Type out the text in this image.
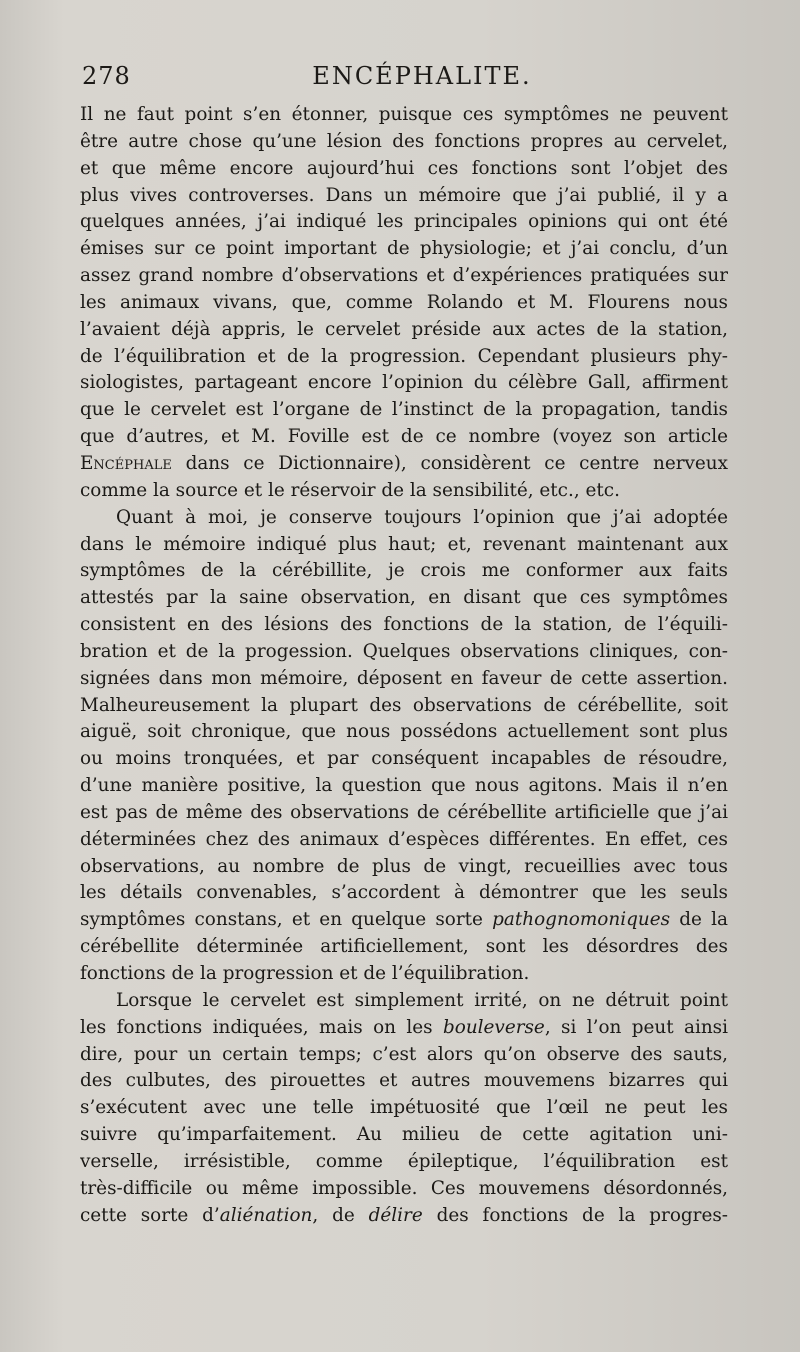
278	ENCÉPHALITE.
Il ne faut point s’en étonner, puisque ces symptômes ne peuvent
être autre chose qu’une lésion des fonctions propres au cervelet,
et que même encore aujourd’hui ces fonctions sont l’objet des
plus vives controverses. Dans un mémoire que j’ai publié, il y a
quelques années, j’ai indiqué les principales opinions qui ont été
émises sur ce point important de physiologie; et j’ai conclu, d’un
assez grand nombre d’observations et d’expériences pratiquées sur
les animaux vivans, que, comme Rolando et M. Flourens nous
l’avaient déjà appris, le cervelet préside aux actes de la station,
de l’équilibration et de la progression. Cependant plusieurs phy-
siologistes, partageant encore l’opinion du célèbre Gall, affirment
que le cervelet est l’organe de l’instinct de la propagation, tandis
que d’autres, et M. Foville est de ce nombre (voyez son article
Encéphale dans ce Dictionnaire), considèrent ce centre nerveux
comme la source et le réservoir de la sensibilité, etc., etc.
Quant à moi, je conserve toujours l’opinion que j’ai adoptée
dans le mémoire indiqué plus haut; et, revenant maintenant aux
symptômes de la cérébillite, je crois me conformer aux faits
attestés par la saine observation, en disant que ces symptômes
consistent en des lésions des fonctions de la station, de l’équili-
bration et de la progession. Quelques observations cliniques, con-
signées dans mon mémoire, déposent en faveur de cette assertion.
Malheureusement la plupart des observations de cérébellite, soit
aiguë, soit chronique, que nous possédons actuellement sont plus
ou moins tronquées, et par conséquent incapables de résoudre,
d’une manière positive, la question que nous agitons. Mais il n’en
est pas de même des observations de cérébellite artificielle que j’ai
déterminées chez des animaux d’espèces différentes. En effet, ces
observations, au nombre de plus de vingt, recueillies avec tous
les détails convenables, s’accordent à démontrer que les seuls
symptômes constans, et en quelque sorte pathognomoniques de la
cérébellite déterminée artificiellement, sont les désordres des
fonctions de la progression et de l’équilibration.
Lorsque le cervelet est simplement irrité, on ne détruit point
les fonctions indiquées, mais on les bouleverse, si l’on peut ainsi
dire, pour un certain temps; c’est alors qu’on observe des sauts,
des culbutes, des pirouettes et autres mouvemens bizarres qui
s’exécutent avec une telle impétuosité que l’œil ne peut les
suivre qu’imparfaitement. Au milieu de cette agitation uni-
verselle, irrésistible, comme épileptique, l’équilibration est
très-difficile ou même impossible. Ces mouvemens désordonnés,
cette sorte d’aliénation, de délire des fonctions de la progres-
